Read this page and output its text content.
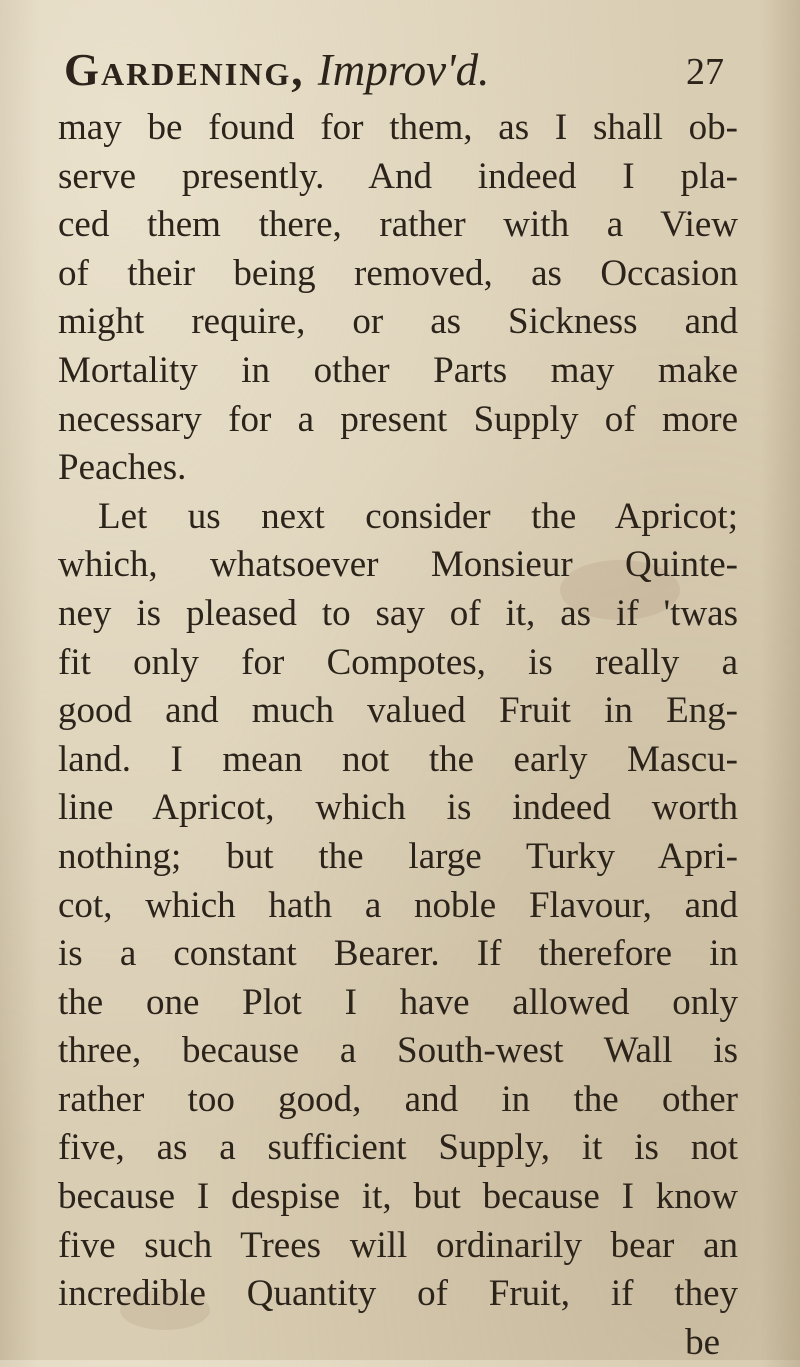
Gardening, Improv'd.	27
may be found for them, as I shall ob-
serve presently. And indeed I pla-
ced them there, rather with a View
of their being removed, as Occasion
might require, or as Sickness and
Mortality in other Parts may make
necessary for a present Supply of more
Peaches.
Let us next consider the Apricot;
which, whatsoever Monsieur Quinte-
ney is pleased to say of it, as if 'twas
fit only for Compotes, is really a
good and much valued Fruit in Eng-
land. I mean not the early Mascu-
line Apricot, which is indeed worth
nothing; but the large Turky Apri-
cot, which hath a noble Flavour, and
is a constant Bearer. If therefore in
the one Plot I have allowed only
three, because a South-west Wall is
rather too good, and in the other
five, as a sufficient Supply, it is not
because I despise it, but because I know
five such Trees will ordinarily bear an
incredible Quantity of Fruit, if they
be
